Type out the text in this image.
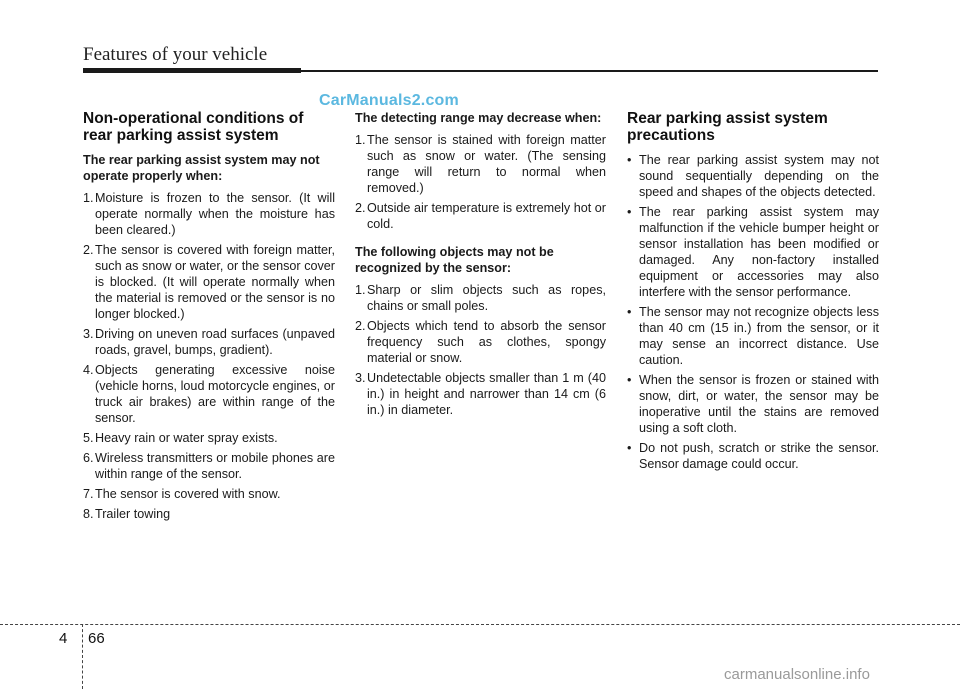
Features of your vehicle
CarManuals2.com
Non-operational conditions of rear parking assist system
The rear parking assist system may not operate properly when:
1. Moisture is frozen to the sensor. (It will operate normally when the moisture has been cleared.)
2. The sensor is covered with foreign matter, such as snow or water, or the sensor cover is blocked. (It will operate normally when the material is removed or the sensor is no longer blocked.)
3. Driving on uneven road surfaces (unpaved roads, gravel, bumps, gradient).
4. Objects generating excessive noise (vehicle horns, loud motorcycle engines, or truck air brakes) are within range of the sensor.
5. Heavy rain or water spray exists.
6. Wireless transmitters or mobile phones are within range of the sensor.
7. The sensor is covered with snow.
8. Trailer towing
The detecting range may decrease when:
1. The sensor is stained with foreign matter such as snow or water. (The sensing range will return to normal when removed.)
2. Outside air temperature is extremely hot or cold.
The following objects may not be recognized by the sensor:
1. Sharp or slim objects such as ropes, chains or small poles.
2. Objects which tend to absorb the sensor frequency such as clothes, spongy material or snow.
3. Undetectable objects smaller than 1 m (40 in.) in height and narrower than 14 cm (6 in.) in diameter.
Rear parking assist system precautions
• The rear parking assist system may not sound sequentially depending on the speed and shapes of the objects detected.
• The rear parking assist system may malfunction if the vehicle bumper height or sensor installation has been modified or damaged. Any non-factory installed equipment or accessories may also interfere with the sensor performance.
• The sensor may not recognize objects less than 40 cm (15 in.) from the sensor, or it may sense an incorrect distance. Use caution.
• When the sensor is frozen or stained with snow, dirt, or water, the sensor may be inoperative until the stains are removed using a soft cloth.
• Do not push, scratch or strike the sensor. Sensor damage could occur.
4 66
carmanualsonline.info
